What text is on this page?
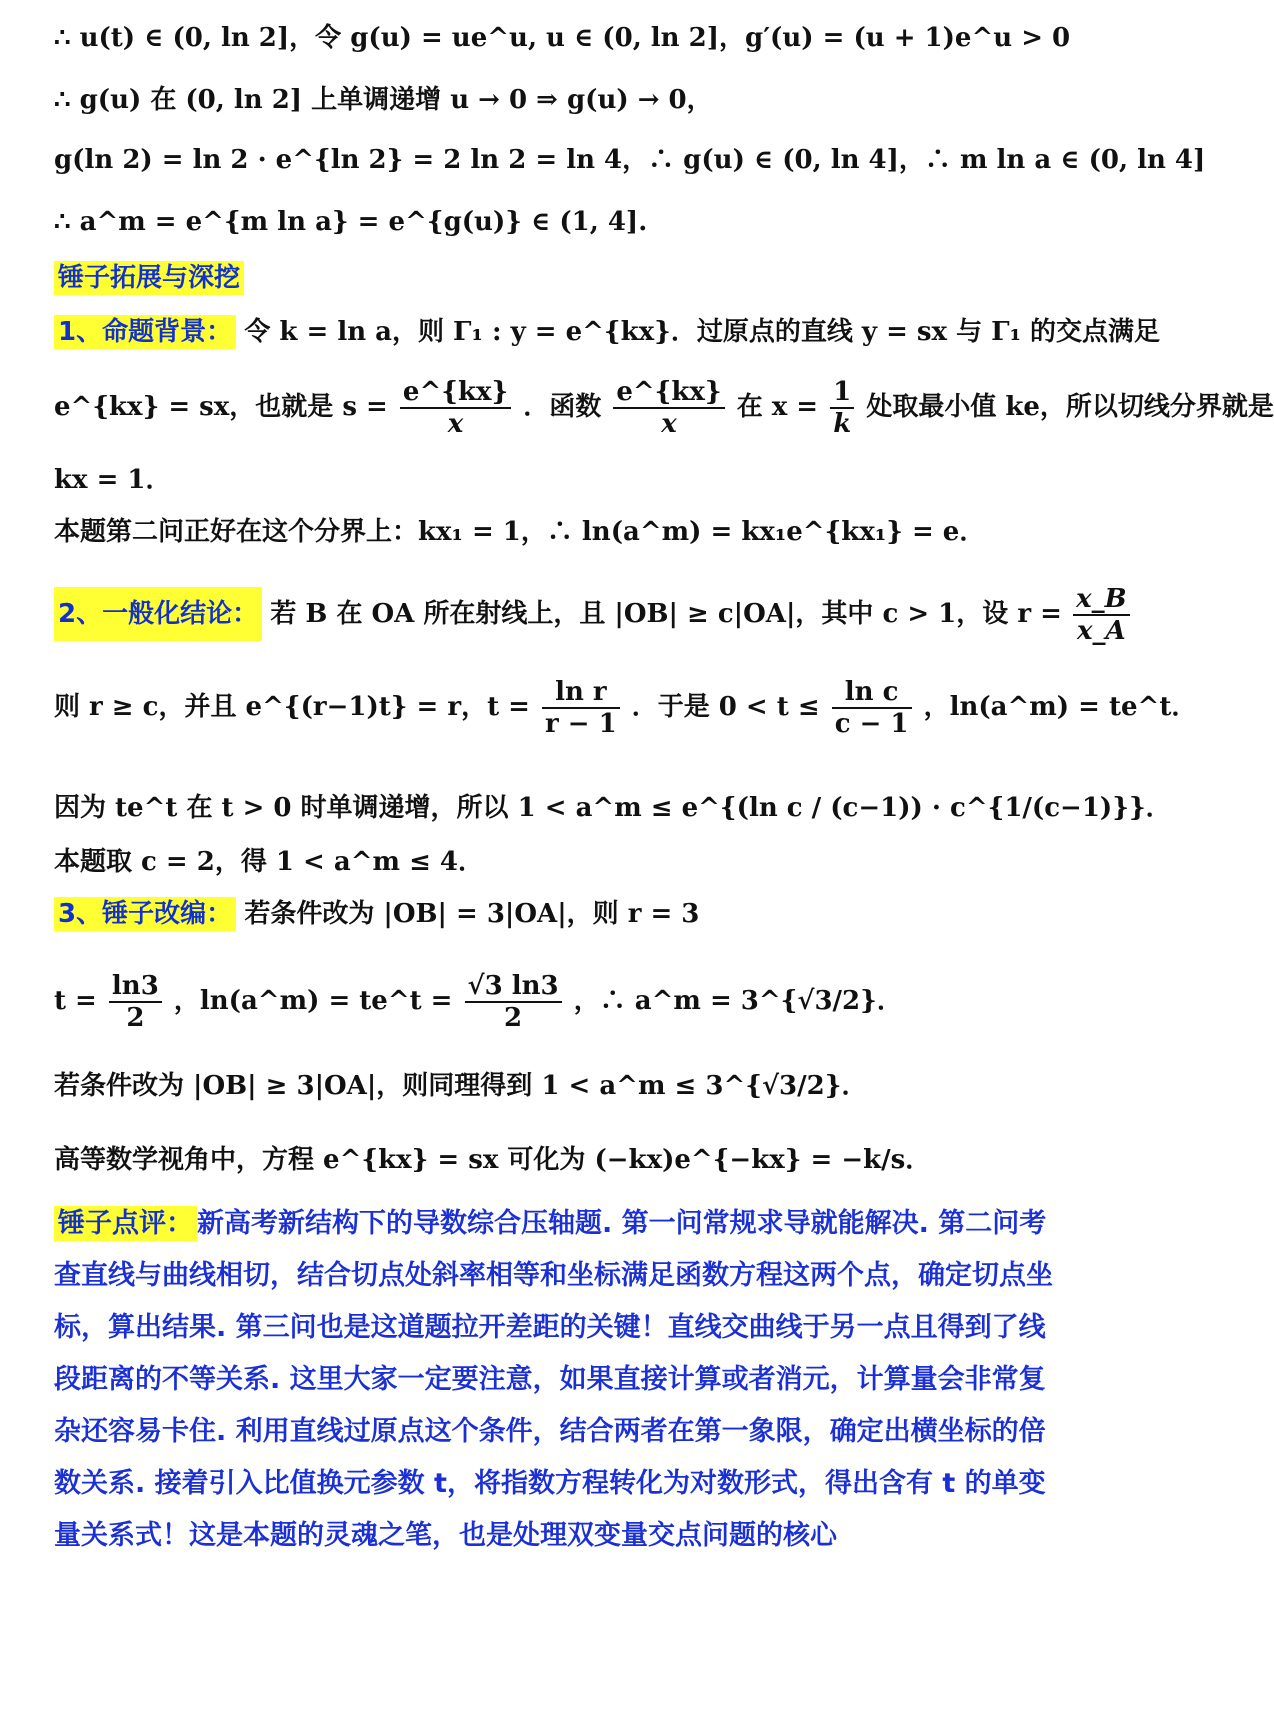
∴ u(t) ∈ (0, ln 2]，令 g(u) = ue^u, u ∈ (0, ln 2]，g′(u) = (u + 1)e^u > 0
∴ g(u) 在 (0, ln 2] 上单调递增 u → 0 ⇒ g(u) → 0，
g(ln 2) = ln 2 · e^{ln 2} = 2 ln 2 = ln 4，∴ g(u) ∈ (0, ln 4]，∴ m ln a ∈ (0, ln 4]
∴ a^m = e^{m ln a} = e^{g(u)} ∈ (1, 4].
锤子拓展与深挖
1、命题背景： 令 k = ln a，则 Γ₁ : y = e^{kx}．过原点的直线 y = sx 与 Γ₁ 的交点满足
e^{kx} = sx，也就是 $s = \frac{e\^{}\{kx\}}{x}$ ．函数 $\frac{e\^{}\{kx\}}{x}$ 在 $x = \frac{1}{k}$ 处取最小值 ke，所以切线分界就是
kx = 1．
本题第二问正好在这个分界上：kx₁ = 1，∴ ln(a^m) = kx₁e^{kx₁} = e．
2、一般化结论： 若 B 在 OA 所在射线上，且 |OB| ≥ c|OA|，其中 c > 1，设 $r = \frac{x\_B}{x\_A}$
则 r ≥ c，并且 e^{(r−1)t} = r，$t = \frac{\text{ln r}}{r - 1}$ ．于是 $0 < t \le \frac{\text{ln c}}{c - 1}$ ，ln(a^m) = te^t．
因为 te^t 在 t > 0 时单调递增，所以 1 < a^m ≤ e^{(ln c / (c−1)) · c^{1/(c−1)}}．
本题取 c = 2，得 1 < a^m ≤ 4．
3、锤子改编： 若条件改为 |OB| = 3|OA|，则 r = 3
$t = \frac{\ln 3}{2}$ ，ln(a^m) = te^t = $\frac{√3 \ln 3}{2}$ ，∴ a^m = 3^{√3/2}．
若条件改为 |OB| ≥ 3|OA|，则同理得到 1 < a^m ≤ 3^{√3/2}．
高等数学视角中，方程 e^{kx} = sx 可化为 (−kx)e^{−kx} = −k/s．
锤子点评： 新高考新结构下的导数综合压轴题. 第一问常规求导就能解决. 第二问考查直线与曲线相切，结合切点处斜率相等和坐标满足函数方程这两个点，确定切点坐标，算出结果. 第三问也是这道题拉开差距的关键！直线交曲线于另一点且得到了线段距离的不等关系. 这里大家一定要注意，如果直接计算或者消元，计算量会非常复杂还容易卡住. 利用直线过原点这个条件，结合两者在第一象限，确定出横坐标的倍数关系. 接着引入比值换元参数 t，将指数方程转化为对数形式，得出含有 t 的单变量关系式！这是本题的灵魂之笔，也是处理双变量交点问题的核心
